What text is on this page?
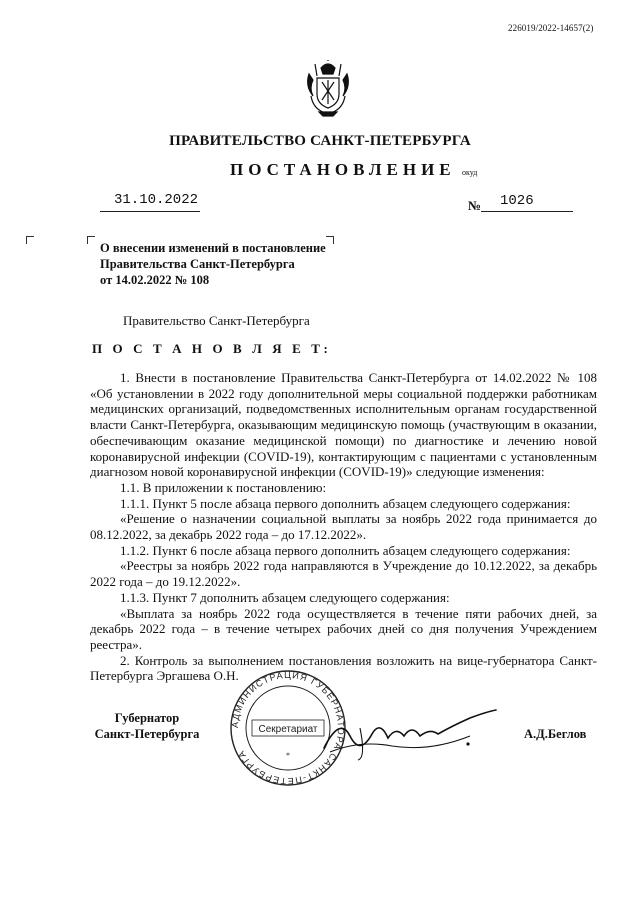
226019/2022-14657(2)
ПРАВИТЕЛЬСТВО САНКТ-ПЕТЕРБУРГА
ПОСТАНОВЛЕНИЕ окуд
31.10.2022	№ 1026
О внесении изменений в постановление
Правительства Санкт-Петербурга
от 14.02.2022 № 108
Правительство Санкт-Петербурга
П О С Т А Н О В Л Я Е Т:
1. Внести в постановление Правительства Санкт-Петербурга от 14.02.2022 № 108 «Об установлении в 2022 году дополнительной меры социальной поддержки работникам медицинских организаций, подведомственных исполнительным органам государственной власти Санкт-Петербурга, оказывающим медицинскую помощь (участвующим в оказании, обеспечивающим оказание медицинской помощи) по диагностике и лечению новой коронавирусной инфекции (COVID-19), контактирующим с пациентами с установленным диагнозом новой коронавирусной инфекции (COVID-19)» следующие изменения:
1.1. В приложении к постановлению:
1.1.1. Пункт 5 после абзаца первого дополнить абзацем следующего содержания:
«Решение о назначении социальной выплаты за ноябрь 2022 года принимается до 08.12.2022, за декабрь 2022 года – до 17.12.2022».
1.1.2. Пункт 6 после абзаца первого дополнить абзацем следующего содержания:
«Реестры за ноябрь 2022 года направляются в Учреждение до 10.12.2022, за декабрь 2022 года – до 19.12.2022».
1.1.3. Пункт 7 дополнить абзацем следующего содержания:
«Выплата за ноябрь 2022 года осуществляется в течение пяти рабочих дней, за декабрь 2022 года – в течение четырех рабочих дней со дня получения Учреждением реестра».
2. Контроль за выполнением постановления возложить на вице-губернатора Санкт-Петербурга Эргашева О.Н.
Губернатор
Санкт-Петербурга
АДМИНИСТРАЦИЯ ГУБЕРНАТОРА САНКТ-ПЕТЕРБУРГА
Секретариат
*
А.Д.Беглов
